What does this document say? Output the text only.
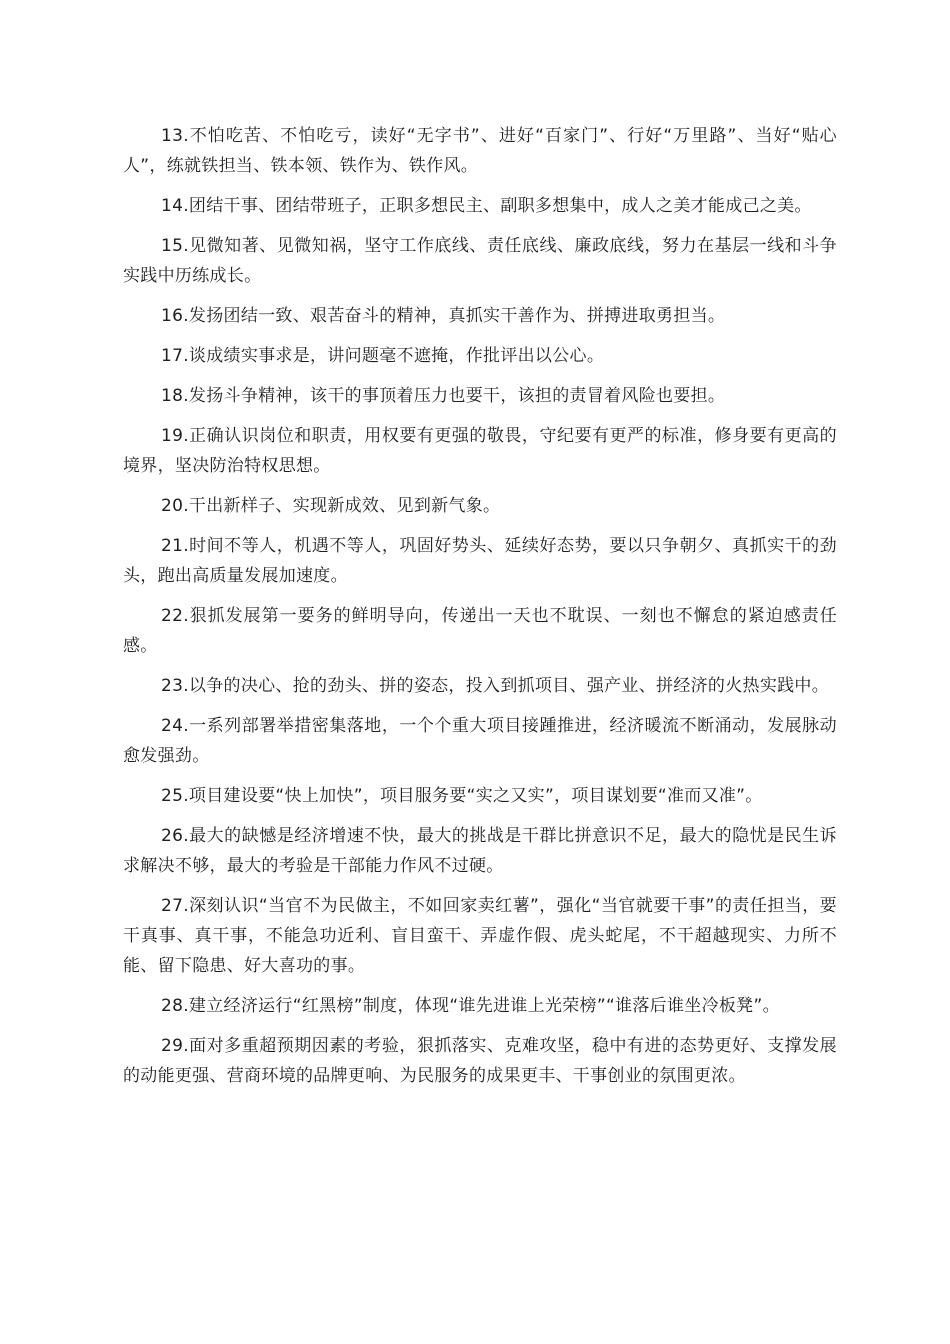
13.不怕吃苦、不怕吃亏，读好“无字书”、进好“百家门”、行好“万里路”、当好“贴心人”，练就铁担当、铁本领、铁作为、铁作风。

14.团结干事、团结带班子，正职多想民主、副职多想集中，成人之美才能成己之美。

15.见微知著、见微知祸，坚守工作底线、责任底线、廉政底线，努力在基层一线和斗争实践中历练成长。

16.发扬团结一致、艰苦奋斗的精神，真抓实干善作为、拼搏进取勇担当。

17.谈成绩实事求是，讲问题毫不遮掩，作批评出以公心。

18.发扬斗争精神，该干的事顶着压力也要干，该担的责冒着风险也要担。

19.正确认识岗位和职责，用权要有更强的敬畏，守纪要有更严的标准，修身要有更高的境界，坚决防治特权思想。

20.干出新样子、实现新成效、见到新气象。

21.时间不等人，机遇不等人，巩固好势头、延续好态势，要以只争朝夕、真抓实干的劲头，跑出高质量发展加速度。

22.狠抓发展第一要务的鲜明导向，传递出一天也不耽误、一刻也不懈怠的紧迫感责任感。

23.以争的决心、抢的劲头、拼的姿态，投入到抓项目、强产业、拼经济的火热实践中。

24.一系列部署举措密集落地，一个个重大项目接踵推进，经济暖流不断涌动，发展脉动愈发强劲。

25.项目建设要“快上加快”，项目服务要“实之又实”，项目谋划要“准而又准”。

26.最大的缺憾是经济增速不快，最大的挑战是干群比拼意识不足，最大的隐忧是民生诉求解决不够，最大的考验是干部能力作风不过硬。

27.深刻认识“当官不为民做主，不如回家卖红薯”，强化“当官就要干事”的责任担当，要干真事、真干事，不能急功近利、盲目蛮干、弄虚作假、虎头蛇尾，不干超越现实、力所不能、留下隐患、好大喜功的事。

28.建立经济运行“红黑榜”制度，体现“谁先进谁上光荣榜”“谁落后谁坐冷板凳”。

29.面对多重超预期因素的考验，狠抓落实、克难攻坚，稳中有进的态势更好、支撑发展的动能更强、营商环境的品牌更响、为民服务的成果更丰、干事创业的氛围更浓。
